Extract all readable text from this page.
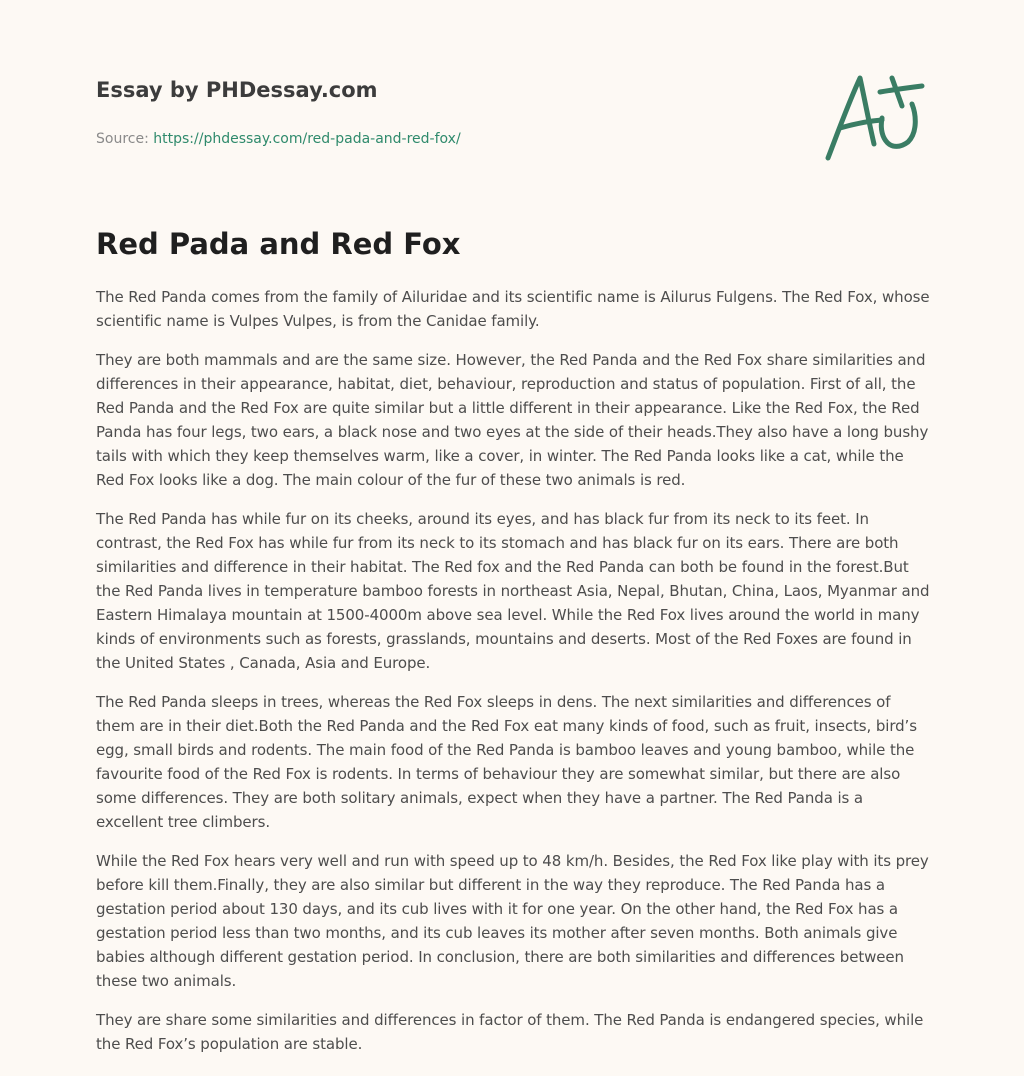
Essay by PHDessay.com
Source: https://phdessay.com/red-pada-and-red-fox/
Red Pada and Red Fox

The Red Panda comes from the family of Ailuridae and its scientific name is Ailurus Fulgens. The Red Fox, whose scientific name is Vulpes Vulpes, is from the Canidae family.

They are both mammals and are the same size. However, the Red Panda and the Red Fox share similarities and differences in their appearance, habitat, diet, behaviour, reproduction and status of population. First of all, the Red Panda and the Red Fox are quite similar but a little different in their appearance. Like the Red Fox, the Red Panda has four legs, two ears, a black nose and two eyes at the side of their heads.They also have a long bushy tails with which they keep themselves warm, like a cover, in winter. The Red Panda looks like a cat, while the Red Fox looks like a dog. The main colour of the fur of these two animals is red.

The Red Panda has while fur on its cheeks, around its eyes, and has black fur from its neck to its feet. In contrast, the Red Fox has while fur from its neck to its stomach and has black fur on its ears. There are both similarities and difference in their habitat. The Red fox and the Red Panda can both be found in the forest.But the Red Panda lives in temperature bamboo forests in northeast Asia, Nepal, Bhutan, China, Laos, Myanmar and Eastern Himalaya mountain at 1500-4000m above sea level. While the Red Fox lives around the world in many kinds of environments such as forests, grasslands, mountains and deserts. Most of the Red Foxes are found in the United States , Canada, Asia and Europe.

The Red Panda sleeps in trees, whereas the Red Fox sleeps in dens. The next similarities and differences of them are in their diet.Both the Red Panda and the Red Fox eat many kinds of food, such as fruit, insects, bird’s egg, small birds and rodents. The main food of the Red Panda is bamboo leaves and young bamboo, while the favourite food of the Red Fox is rodents. In terms of behaviour they are somewhat similar, but there are also some differences. They are both solitary animals, expect when they have a partner. The Red Panda is a excellent tree climbers.

While the Red Fox hears very well and run with speed up to 48 km/h. Besides, the Red Fox like play with its prey before kill them.Finally, they are also similar but different in the way they reproduce. The Red Panda has a gestation period about 130 days, and its cub lives with it for one year. On the other hand, the Red Fox has a gestation period less than two months, and its cub leaves its mother after seven months. Both animals give babies although different gestation period. In conclusion, there are both similarities and differences between these two animals.

They are share some similarities and differences in factor of them. The Red Panda is endangered species, while the Red Fox’s population are stable.
